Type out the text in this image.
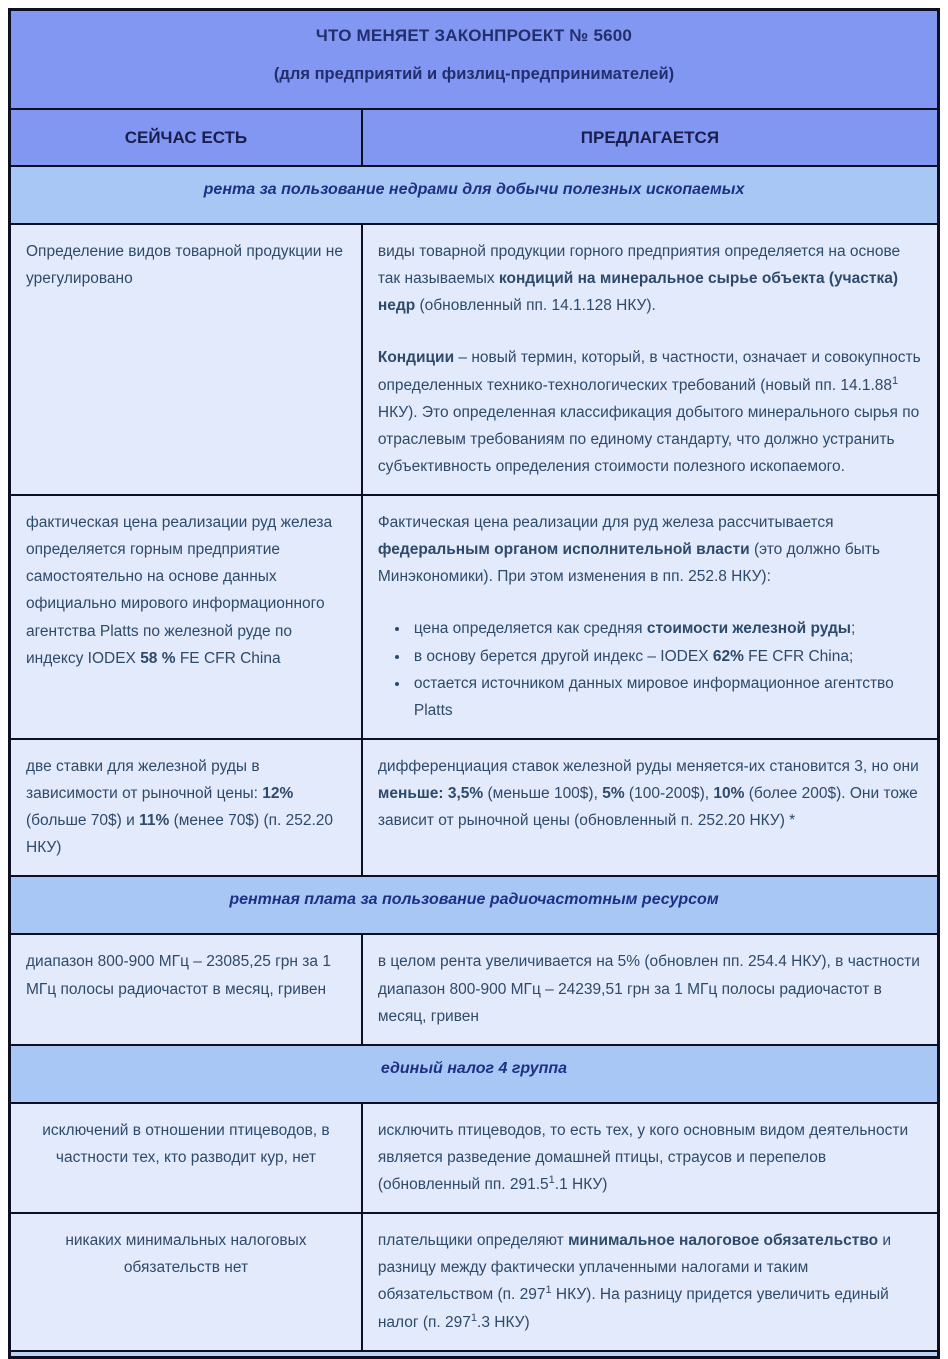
ЧТО МЕНЯЕТ ЗАКОНПРОЕКТ № 5600
(для предприятий и физлиц-предпринимателей)
СЕЙЧАС ЕСТЬ	ПРЕДЛАГАЕТСЯ
рента за пользование недрами для добычи полезных ископаемых

Определение видов товарной продукции не урегулировано

виды товарной продукции горного предприятия определяется на основе так называемых кондиций на минеральное сырье объекта (участка) недр (обновленный пп. 14.1.128 НКУ).

Кондиции – новый термин, который, в частности, означает и совокупность определенных технико-технологических требований (новый пп. 14.1.88$^1$ НКУ). Это определенная классификация добытого минерального сырья по отраслевым требованиям по единому стандарту, что должно устранить субъективность определения стоимости полезного ископаемого.

фактическая цена реализации руд железа определяется горным предприятие самостоятельно на основе данных официально мирового информационного агентства Platts по железной руде по индексу IODEX 58 % FE CFR China

Фактическая цена реализации для руд железа рассчитывается федеральным органом исполнительной власти (это должно быть Минэкономики). При этом изменения в пп. 252.8 НКУ):

• цена определяется как средняя стоимости железной руды;
• в основу берется другой индекс – IODEX 62% FE CFR China;
• остается источником данных мировое информационное агентство Platts

две ставки для железной руды в зависимости от рыночной цены: 12% (больше 70$) и 11% (менее 70$) (п. 252.20 НКУ)

дифференциация ставок железной руды меняется-их становится 3, но они меньше: 3,5% (меньше 100$), 5% (100-200$), 10% (более 200$). Они тоже зависит от рыночной цены (обновленный п. 252.20 НКУ) *

рентная плата за пользование радиочастотным ресурсом

диапазон 800-900 МГц – 23085,25 грн за 1 МГц полосы радиочастот в месяц, гривен

в целом рента увеличивается на 5% (обновлен пп. 254.4 НКУ), в частности диапазон 800-900 МГц – 24239,51 грн за 1 МГц полосы радиочастот в месяц, гривен

единый налог 4 группа

исключений в отношении птицеводов, в частности тех, кто разводит кур, нет

исключить птицеводов, то есть тех, у кого основным видом деятельности является разведение домашней птицы, страусов и перепелов (обновленный пп. 291.5$^1$.1 НКУ)

никаких минимальных налоговых обязательств нет

плательщики определяют минимальное налоговое обязательство и разницу между фактически уплаченными налогами и таким обязательством (п. $297^1$ НКУ). На разницу придется увеличить единый налог (п. $297^1.3$ НКУ)
